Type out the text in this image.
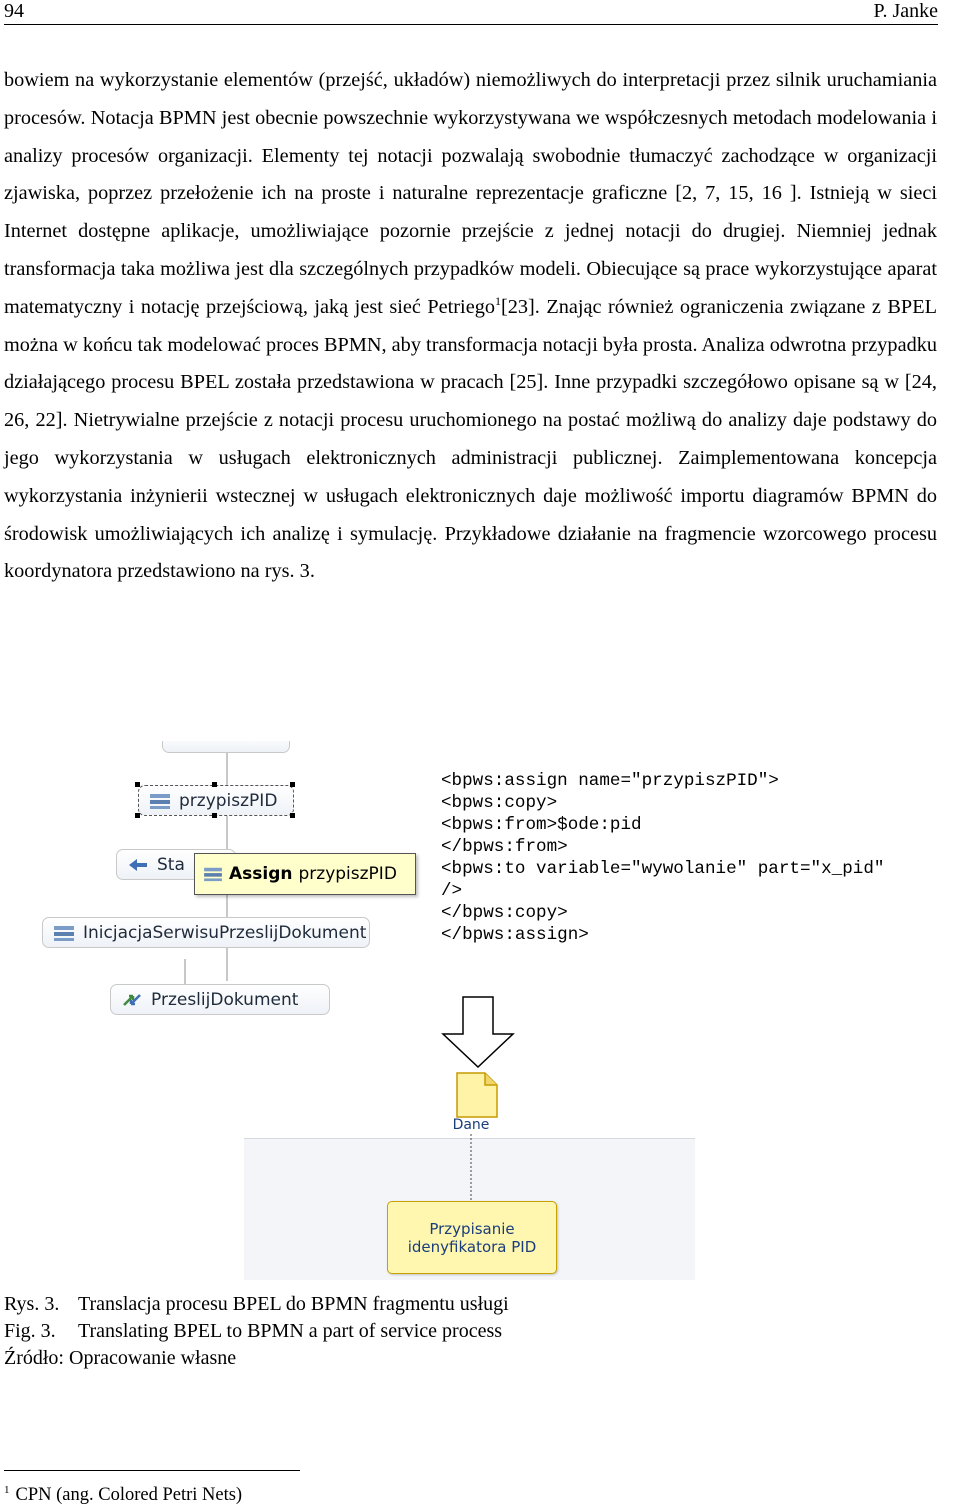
94	P. Janke

bowiem na wykorzystanie elementów (przejść, układów) niemożliwych do interpretacji przez silnik uruchamiania procesów. Notacja BPMN jest obecnie powszechnie wykorzystywana we współczesnych metodach modelowania i analizy procesów organizacji. Elementy tej notacji pozwalają swobodnie tłumaczyć zachodzące w organizacji zjawiska, poprzez przełożenie ich na proste i naturalne reprezentacje graficzne [2, 7, 15, 16 ]. Istnieją w sieci Internet dostępne aplikacje, umożliwiające pozornie przejście z jednej notacji do drugiej. Niemniej jednak transformacja taka możliwa jest dla szczególnych przypadków modeli. Obiecujące są prace wykorzystujące aparat matematyczny i notację przejściową, jaką jest sieć Petriego$^1$[23]. Znając również ograniczenia związane z BPEL można w końcu tak modelować proces BPMN, aby transformacja notacji była prosta. Analiza odwrotna przypadku działającego procesu BPEL została przedstawiona w pracach [25]. Inne przypadki szczegółowo opisane są w [24, 26, 22]. Nietrywialne przejście z notacji procesu uruchomionego na postać możliwą do analizy daje podstawy do jego wykorzystania w usługach elektronicznych administracji publicznej. Zaimplementowana koncepcja wykorzystania inżynierii wstecznej w usługach elektronicznych daje możliwość importu diagramów BPMN do środowisk umożliwiających ich analizę i symulację. Przykładowe działanie na fragmencie wzorcowego procesu koordynatora przedstawiono na rys. 3.

przypiszPID
Sta	Assign przypiszPID
InicjacjaSerwisuPrzeslijDokument
PrzeslijDokument
<bpws:assign name="przypiszPID">
<bpws:copy>
<bpws:from>$ode:pid
</bpws:from>
<bpws:to variable="wywolanie" part="x_pid"
/>
</bpws:copy>
</bpws:assign>
Dane
Przypisanie
idenyfikatora PID
Rys. 3. Translacja procesu BPEL do BPMN fragmentu usługi
Fig. 3. Translating BPEL to BPMN a part of service process
Źródło: Opracowanie własne
$^1$ CPN (ang. Colored Petri Nets)
